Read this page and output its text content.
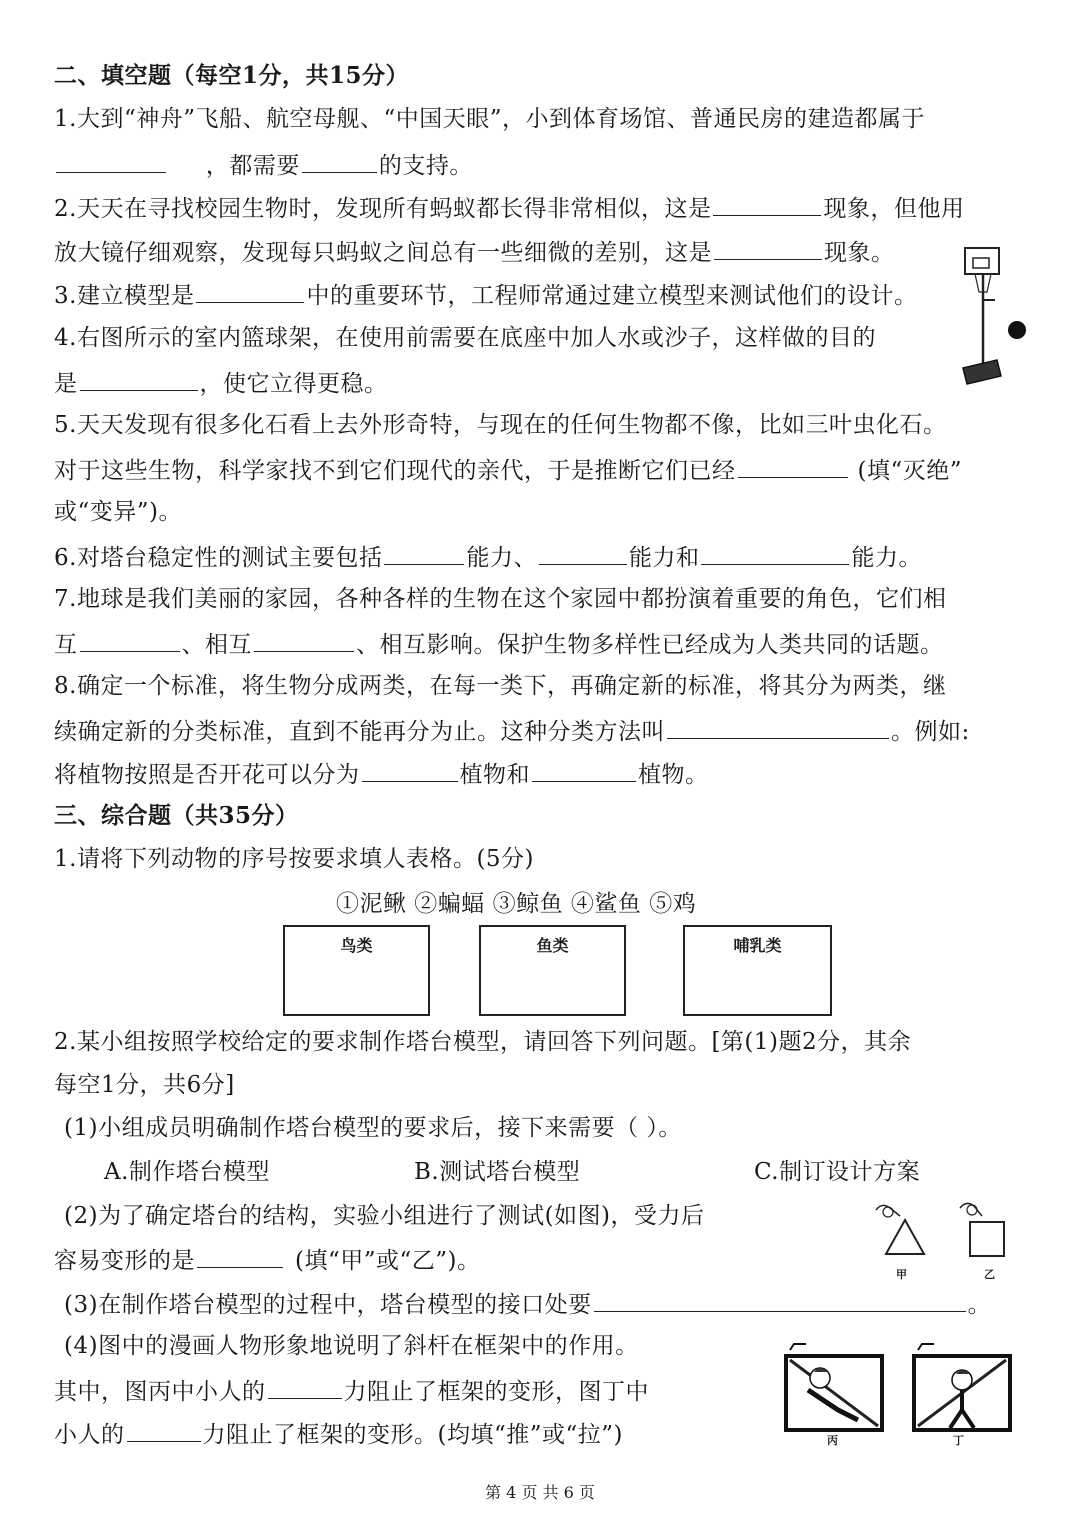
二、填空题（每空1分，共15分）
1.大到“神舟”飞船、航空母舰、“中国天眼”，小到体育场馆、普通民房的建造都属于
，都需要	的支持。
2.天天在寻找校园生物时，发现所有蚂蚁都长得非常相似，这是	现象，但他用
放大镜仔细观察，发现每只蚂蚁之间总有一些细微的差别，这是	现象。
3.建立模型是	中的重要环节，工程师常通过建立模型来测试他们的设计。
4.右图所示的室内篮球架，在使用前需要在底座中加人水或沙子，这样做的目的
是	，使它立得更稳。
5.天天发现有很多化石看上去外形奇特，与现在的任何生物都不像，比如三叶虫化石。
对于这些生物，科学家找不到它们现代的亲代，于是推断它们已经	(填“灭绝”
或“变异”)。
6.对塔台稳定性的测试主要包括	能力、	能力和	能力。
7.地球是我们美丽的家园，各种各样的生物在这个家园中都扮演着重要的角色，它们相
互	、相互	、相互影响。保护生物多样性已经成为人类共同的话题。
8.确定一个标准，将生物分成两类，在每一类下，再确定新的标准，将其分为两类，继
续确定新的分类标准，直到不能再分为止。这种分类方法叫	。例如:
将植物按照是否开花可以分为	植物和	植物。
三、综合题（共35分）
1.请将下列动物的序号按要求填人表格。(5分)
①泥鳅 ②蝙蝠 ③鲸鱼 ④鲨鱼 ⑤鸡
鸟类	鱼类	哺乳类
2.某小组按照学校给定的要求制作塔台模型，请回答下列问题。[第(1)题2分，其余
每空1分，共6分]
(1)小组成员明确制作塔台模型的要求后，接下来需要（ ）。
A.制作塔台模型	B.测试塔台模型	C.制订设计方案
(2)为了确定塔台的结构，实验小组进行了测试(如图)，受力后
容易变形的是	(填“甲”或“乙”)。
甲	乙
(3)在制作塔台模型的过程中，塔台模型的接口处要	。
(4)图中的漫画人物形象地说明了斜杆在框架中的作用。
其中，图丙中小人的	力阻止了框架的变形，图丁中
小人的	力阻止了框架的变形。(均填“推”或“拉”)	丙	丁
第 4 页 共 6 页
